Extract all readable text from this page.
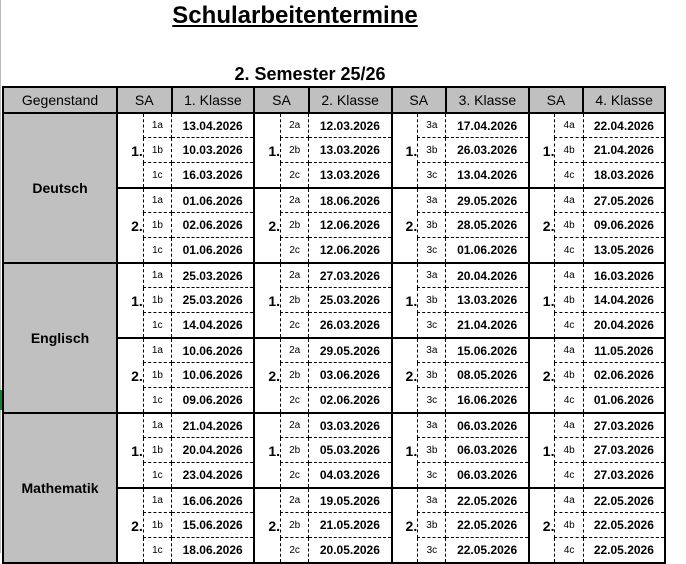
Schularbeitentermine
2. Semester 25/26
Gegenstand	SA		1. Klasse	SA		2. Klasse	SA		3. Klasse	SA		4. Klasse
Deutsch	1.	1a	13.04.2026	1.	2a	12.03.2026	1.	3a	17.04.2026	1.	4a	22.04.2026
		1b	10.03.2026		2b	13.03.2026		3b	26.03.2026		4b	21.04.2026
		1c	16.03.2026		2c	13.03.2026		3c	13.04.2026		4c	18.03.2026
	2.	1a	01.06.2026	2.	2a	18.06.2026	2.	3a	29.05.2026	2.	4a	27.05.2026
		1b	02.06.2026		2b	12.06.2026		3b	28.05.2026		4b	09.06.2026
		1c	01.06.2026		2c	12.06.2026		3c	01.06.2026		4c	13.05.2026
Englisch	1.	1a	25.03.2026	1.	2a	27.03.2026	1.	3a	20.04.2026	1.	4a	16.03.2026
		1b	25.03.2026		2b	25.03.2026		3b	13.03.2026		4b	14.04.2026
		1c	14.04.2026		2c	26.03.2026		3c	21.04.2026		4c	20.04.2026
	2.	1a	10.06.2026	2.	2a	29.05.2026	2.	3a	15.06.2026	2.	4a	11.05.2026
		1b	10.06.2026		2b	03.06.2026		3b	08.05.2026		4b	02.06.2026
		1c	09.06.2026		2c	02.06.2026		3c	16.06.2026		4c	01.06.2026
Mathematik	1.	1a	21.04.2026	1.	2a	03.03.2026	1.	3a	06.03.2026	1.	4a	27.03.2026
		1b	20.04.2026		2b	05.03.2026		3b	06.03.2026		4b	27.03.2026
		1c	23.04.2026		2c	04.03.2026		3c	06.03.2026		4c	27.03.2026
	2.	1a	16.06.2026	2.	2a	19.05.2026	2.	3a	22.05.2026	2.	4a	22.05.2026
		1b	15.06.2026		2b	21.05.2026		3b	22.05.2026		4b	22.05.2026
		1c	18.06.2026		2c	20.05.2026		3c	22.05.2026		4c	22.05.2026
